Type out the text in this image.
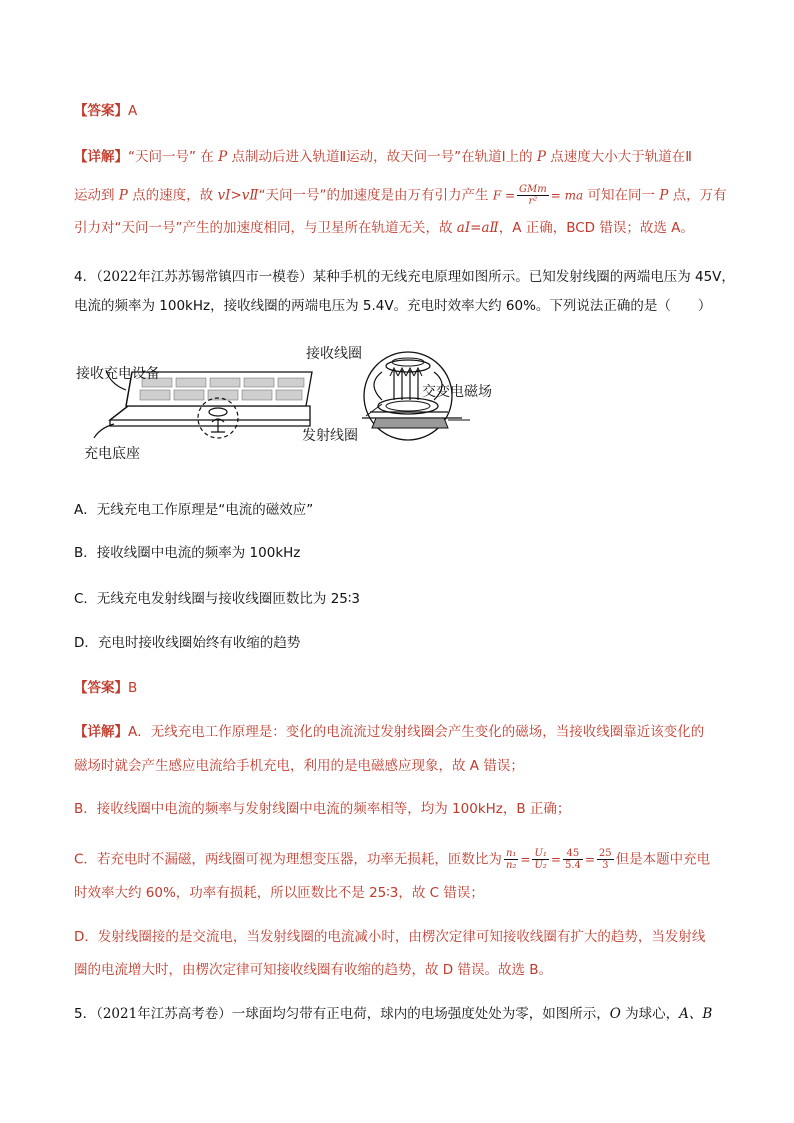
【答案】A
【详解】“天问一号” 在 P 点制动后进入轨道Ⅱ运动，故天问一号”在轨道Ⅰ上的 P 点速度大小大于轨道在Ⅱ
运动到 P 点的速度，故 vⅠ>vⅡ“天问一号”的加速度是由万有引力产生 $F = \frac{\text{GMm}}{\text{r²}}$ = ma 可知在同一 P 点，万有
引力对“天问一号”产生的加速度相同，与卫星所在轨道无关，故 aⅠ=aⅡ，A 正确，BCD 错误；故选 A。
4．（2022年江苏苏锡常镇四市一模卷）某种手机的无线充电原理如图所示。已知发射线圈的两端电压为 45V，
电流的频率为 100kHz，接收线圈的两端电压为 5.4V。充电时效率大约 60%。下列说法正确的是（　　）
接收充电设备
充电底座
接收线圈
交变电磁场
发射线圈
A．无线充电工作原理是“电流的磁效应”
B．接收线圈中电流的频率为 100kHz
C．无线充电发射线圈与接收线圈匝数比为 25∶3
D．充电时接收线圈始终有收缩的趋势
【答案】B
【详解】A．无线充电工作原理是：变化的电流流过发射线圈会产生变化的磁场，当接收线圈靠近该变化的
磁场时就会产生感应电流给手机充电，利用的是电磁感应现象，故 A 错误；
B．接收线圈中电流的频率与发射线圈中电流的频率相等，均为 100kHz，B 正确；
C．若充电时不漏磁，两线圈可视为理想变压器，功率无损耗，匝数比为 $\frac{\text{n₁}}{\text{n₂}} = \frac{\text{U₁}}{\text{U₂}} = \frac{45}{5.4} = \frac{25}{3}$ 但是本题中充电
时效率大约 60%，功率有损耗，所以匝数比不是 25∶3，故 C 错误；
D．发射线圈接的是交流电，当发射线圈的电流减小时，由楞次定律可知接收线圈有扩大的趋势，当发射线
圈的电流增大时，由楞次定律可知接收线圈有收缩的趋势，故 D 错误。故选 B。
5．（2021年江苏高考卷）一球面均匀带有正电荷，球内的电场强度处处为零，如图所示，O 为球心，A、B
